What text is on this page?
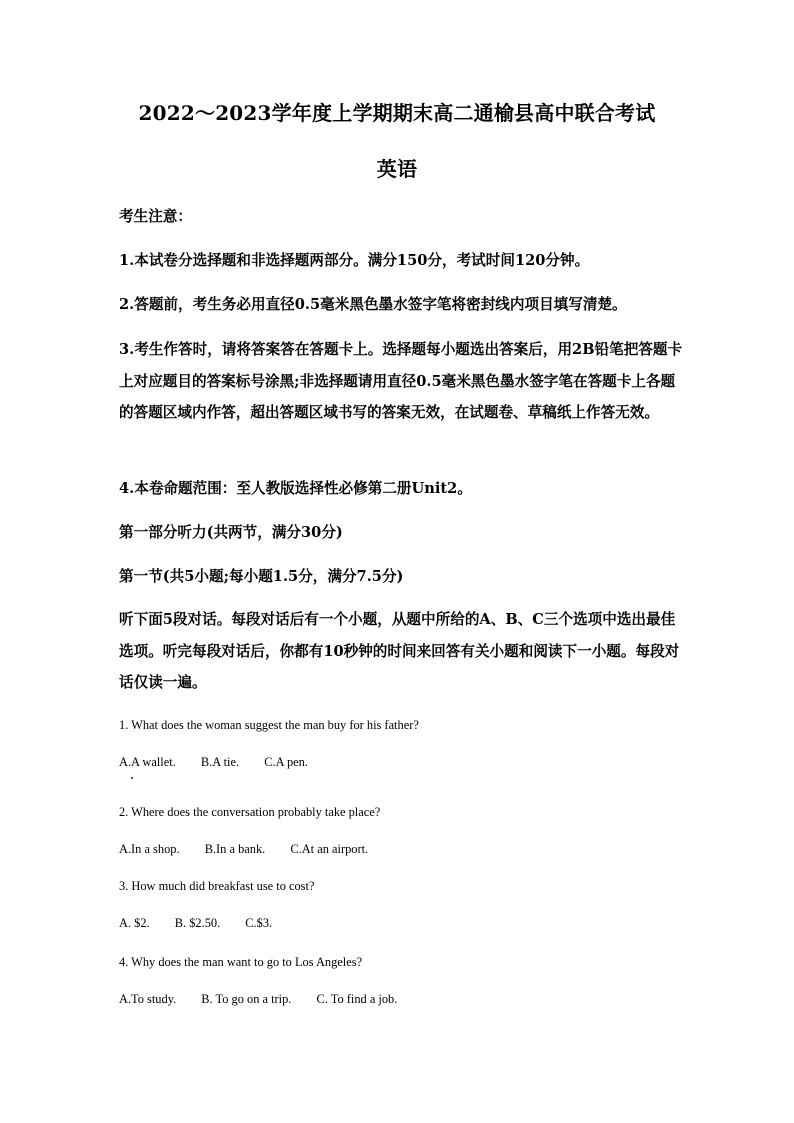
2022～2023学年度上学期期末高二通榆县高中联合考试
英语
考生注意：
1.本试卷分选择题和非选择题两部分。满分150分，考试时间120分钟。
2.答题前，考生务必用直径0.5毫米黑色墨水签字笔将密封线内项目填写清楚。
3.考生作答时，请将答案答在答题卡上。选择题每小题选出答案后，用2B铅笔把答题卡上对应题目的答案标号涂黑;非选择题请用直径0.5毫米黑色墨水签字笔在答题卡上各题的答题区域内作答，超出答题区域书写的答案无效，在试题卷、草稿纸上作答无效。
4.本卷命题范围：至人教版选择性必修第二册Unit2。
第一部分听力(共两节，满分30分)
第一节(共5小题;每小题1.5分，满分7.5分)
听下面5段对话。每段对话后有一个小题，从题中所给的A、B、C三个选项中选出最佳选项。听完每段对话后，你都有10秒钟的时间来回答有关小题和阅读下一小题。每段对话仅读一遍。
1. What does the woman suggest the man buy for his father?
A.A wallet. B.A tie. C.A pen.
2. Where does the conversation probably take place?
A.In a shop. B.In a bank. C.At an airport.
3. How much did breakfast use to cost?
A. $2. B. $2.50. C.$3.
4. Why does the man want to go to Los Angeles?
A.To study. B. To go on a trip. C. To find a job.
